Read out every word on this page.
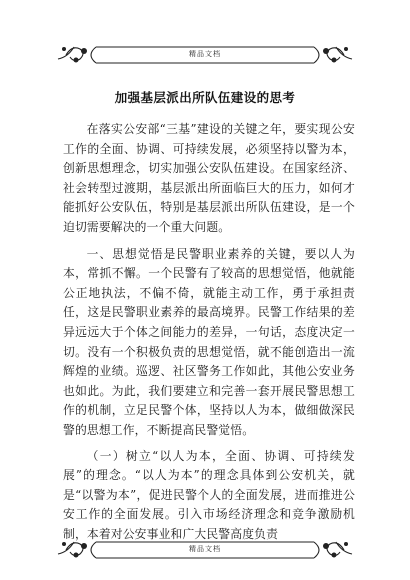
精品文档
加强基层派出所队伍建设的思考

在落实公安部“三基”建设的关键之年，要实现公安工作的全面、协调、可持续发展，必须坚持以警为本，创新思想理念，切实加强公安队伍建设。在国家经济、社会转型过渡期，基层派出所面临巨大的压力，如何才能抓好公安队伍，特别是基层派出所队伍建设，是一个迫切需要解决的一个重大问题。

一、思想觉悟是民警职业素养的关键，要以人为本，常抓不懈。一个民警有了较高的思想觉悟，他就能公正地执法，不偏不倚，就能主动工作，勇于承担责任，这是民警职业素养的最高境界。民警工作结果的差异远远大于个体之间能力的差异，一句话，态度决定一切。没有一个积极负责的思想觉悟，就不能创造出一流辉煌的业绩。巡逻、社区警务工作如此，其他公安业务也如此。为此，我们要建立和完善一套开展民警思想工作的机制，立足民警个体，坚持以人为本，做细做深民警的思想工作，不断提高民警觉悟。

（一）树立“以人为本，全面、协调、可持续发展”的理念。“以人为本”的理念具体到公安机关，就是“以警为本”，促进民警个人的全面发展，进而推进公安工作的全面发展。引入市场经济理念和竞争激励机制，本着对公安事业和广大民警高度负责

精品文档
